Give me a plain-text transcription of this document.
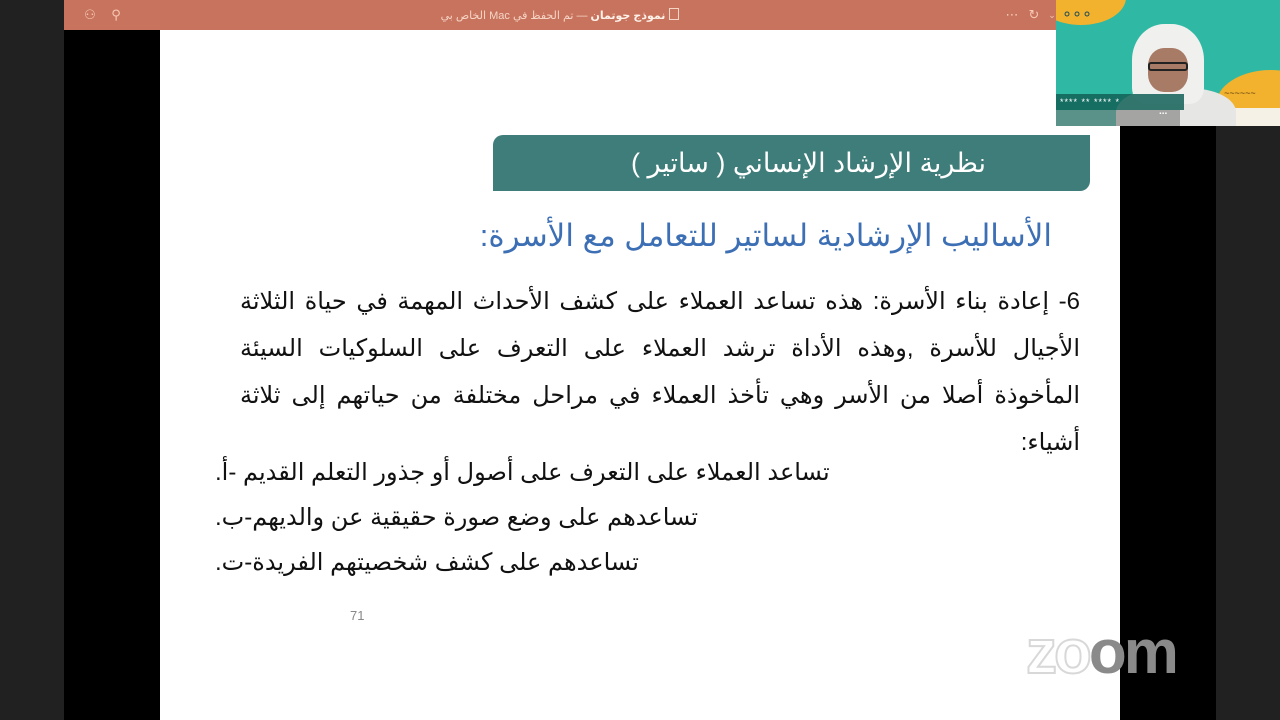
⚇ ⚲	نموذج جوتمان — تم الحفظ في Mac الخاص بي	⋯ ↻ ⌄
نظرية الإرشاد الإنساني ( ساتير )
الأساليب الإرشادية لساتير للتعامل مع الأسرة:
6- إعادة بناء الأسرة: هذه تساعد العملاء على كشف الأحداث المهمة في حياة الثلاثة الأجيال للأسرة ,وهذه الأداة ترشد العملاء على التعرف على السلوكيات السيئة المأخوذة أصلا من الأسر وهي تأخذ العملاء في مراحل مختلفة من حياتهم إلى ثلاثة أشياء:
.تساعد العملاء على التعرف على أصول أو جذور التعلم القديم -أ
.تساعدهم على وضع صورة حقيقية عن والديهم-ب
.تساعدهم على كشف شخصيتهم الفريدة-ت
71
∘∘∘
~~~~~~
**** ** **** *
...
zoom
